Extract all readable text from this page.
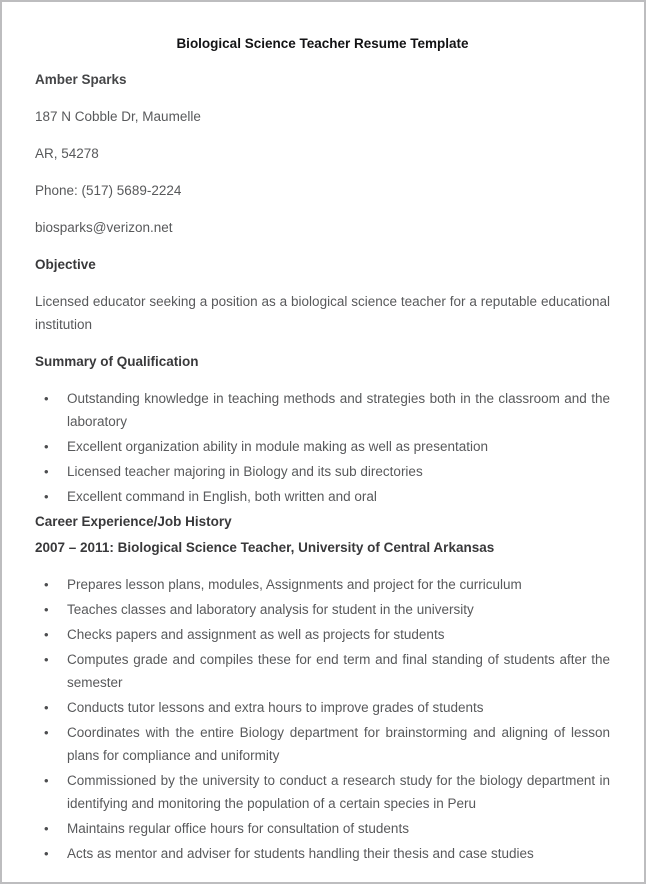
Biological Science Teacher Resume Template

Amber Sparks

187 N Cobble Dr, Maumelle

AR, 54278

Phone: (517) 5689-2224

biosparks@verizon.net

Objective

Licensed educator seeking a position as a biological science teacher for a reputable educational institution

Summary of Qualification

• Outstanding knowledge in teaching methods and strategies both in the classroom and the laboratory
• Excellent organization ability in module making as well as presentation
• Licensed teacher majoring in Biology and its sub directories
• Excellent command in English, both written and oral

Career Experience/Job History

2007 – 2011: Biological Science Teacher, University of Central Arkansas

• Prepares lesson plans, modules, Assignments and project for the curriculum
• Teaches classes and laboratory analysis for student in the university
• Checks papers and assignment as well as projects for students
• Computes grade and compiles these for end term and final standing of students after the semester
• Conducts tutor lessons and extra hours to improve grades of students
• Coordinates with the entire Biology department for brainstorming and aligning of lesson plans for compliance and uniformity
• Commissioned by the university to conduct a research study for the biology department in identifying and monitoring the population of a certain species in Peru
• Maintains regular office hours for consultation of students
• Acts as mentor and adviser for students handling their thesis and case studies
